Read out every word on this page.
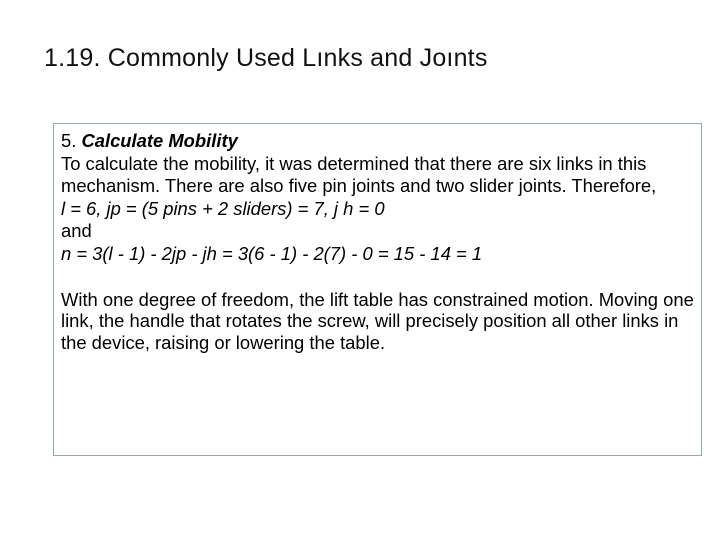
1.19. Commonly Used Lınks and Joınts

5. Calculate Mobility

To calculate the mobility, it was determined that there are six links in this mechanism. There are also five pin joints and two slider joints. Therefore,

l = 6, jp = (5 pins + 2 sliders) = 7, j h = 0

and

n = 3(l - 1) - 2jp - jh = 3(6 - 1) - 2(7) - 0 = 15 - 14 = 1

With one degree of freedom, the lift table has constrained motion. Moving one link, the handle that rotates the screw, will precisely position all other links in the device, raising or lowering the table.
